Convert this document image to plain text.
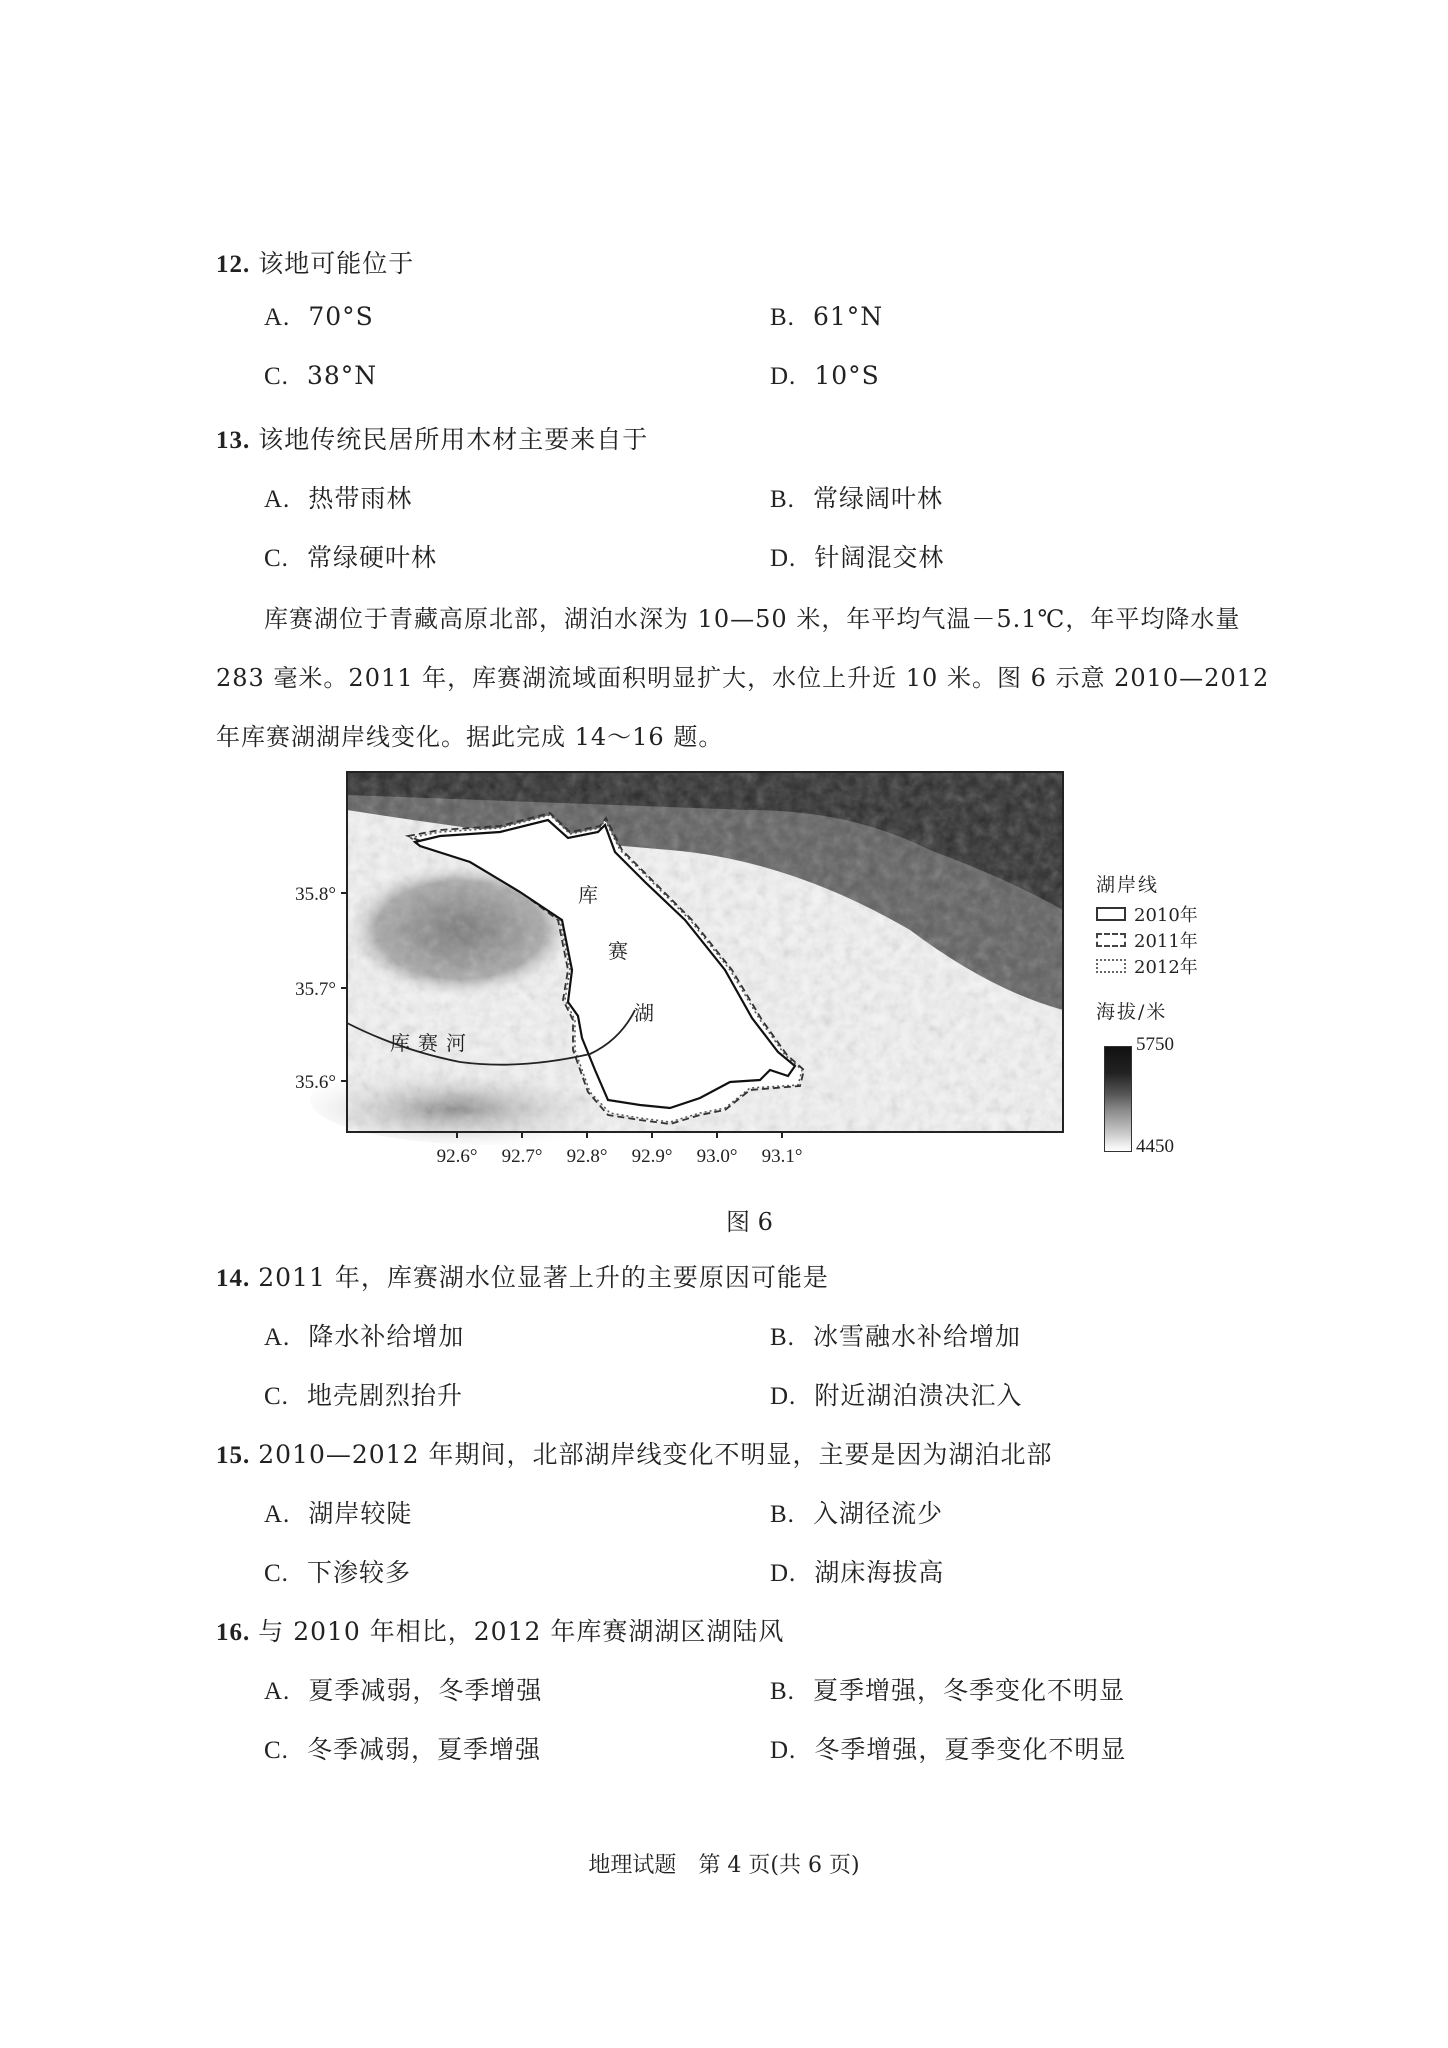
12. 该地可能位于
A. 70°S	B. 61°N
C. 38°N	D. 10°S
13. 该地传统民居所用木材主要来自于
A. 热带雨林	B. 常绿阔叶林
C. 常绿硬叶林	D. 针阔混交林

库赛湖位于青藏高原北部，湖泊水深为 10—50 米，年平均气温－5.1℃，年平均降水量 283 毫米。2011 年，库赛湖流域面积明显扩大，水位上升近 10 米。图 6 示意 2010—2012 年库赛湖湖岸线变化。据此完成 14～16 题。

库
赛
湖
库赛河
35.8°
35.7°
35.6°
92.6° 92.7° 92.8° 92.9° 93.0° 93.1°
湖岸线
2010年
2011年
2012年
海拔/米
5750
4450
图 6
14. 2011 年，库赛湖水位显著上升的主要原因可能是
A. 降水补给增加	B. 冰雪融水补给增加
C. 地壳剧烈抬升	D. 附近湖泊溃决汇入
15. 2010—2012 年期间，北部湖岸线变化不明显，主要是因为湖泊北部
A. 湖岸较陡	B. 入湖径流少
C. 下渗较多	D. 湖床海拔高
16. 与 2010 年相比，2012 年库赛湖湖区湖陆风
A. 夏季减弱，冬季增强	B. 夏季增强，冬季变化不明显
C. 冬季减弱，夏季增强	D. 冬季增强，夏季变化不明显
地理试题　第 4 页(共 6 页)
